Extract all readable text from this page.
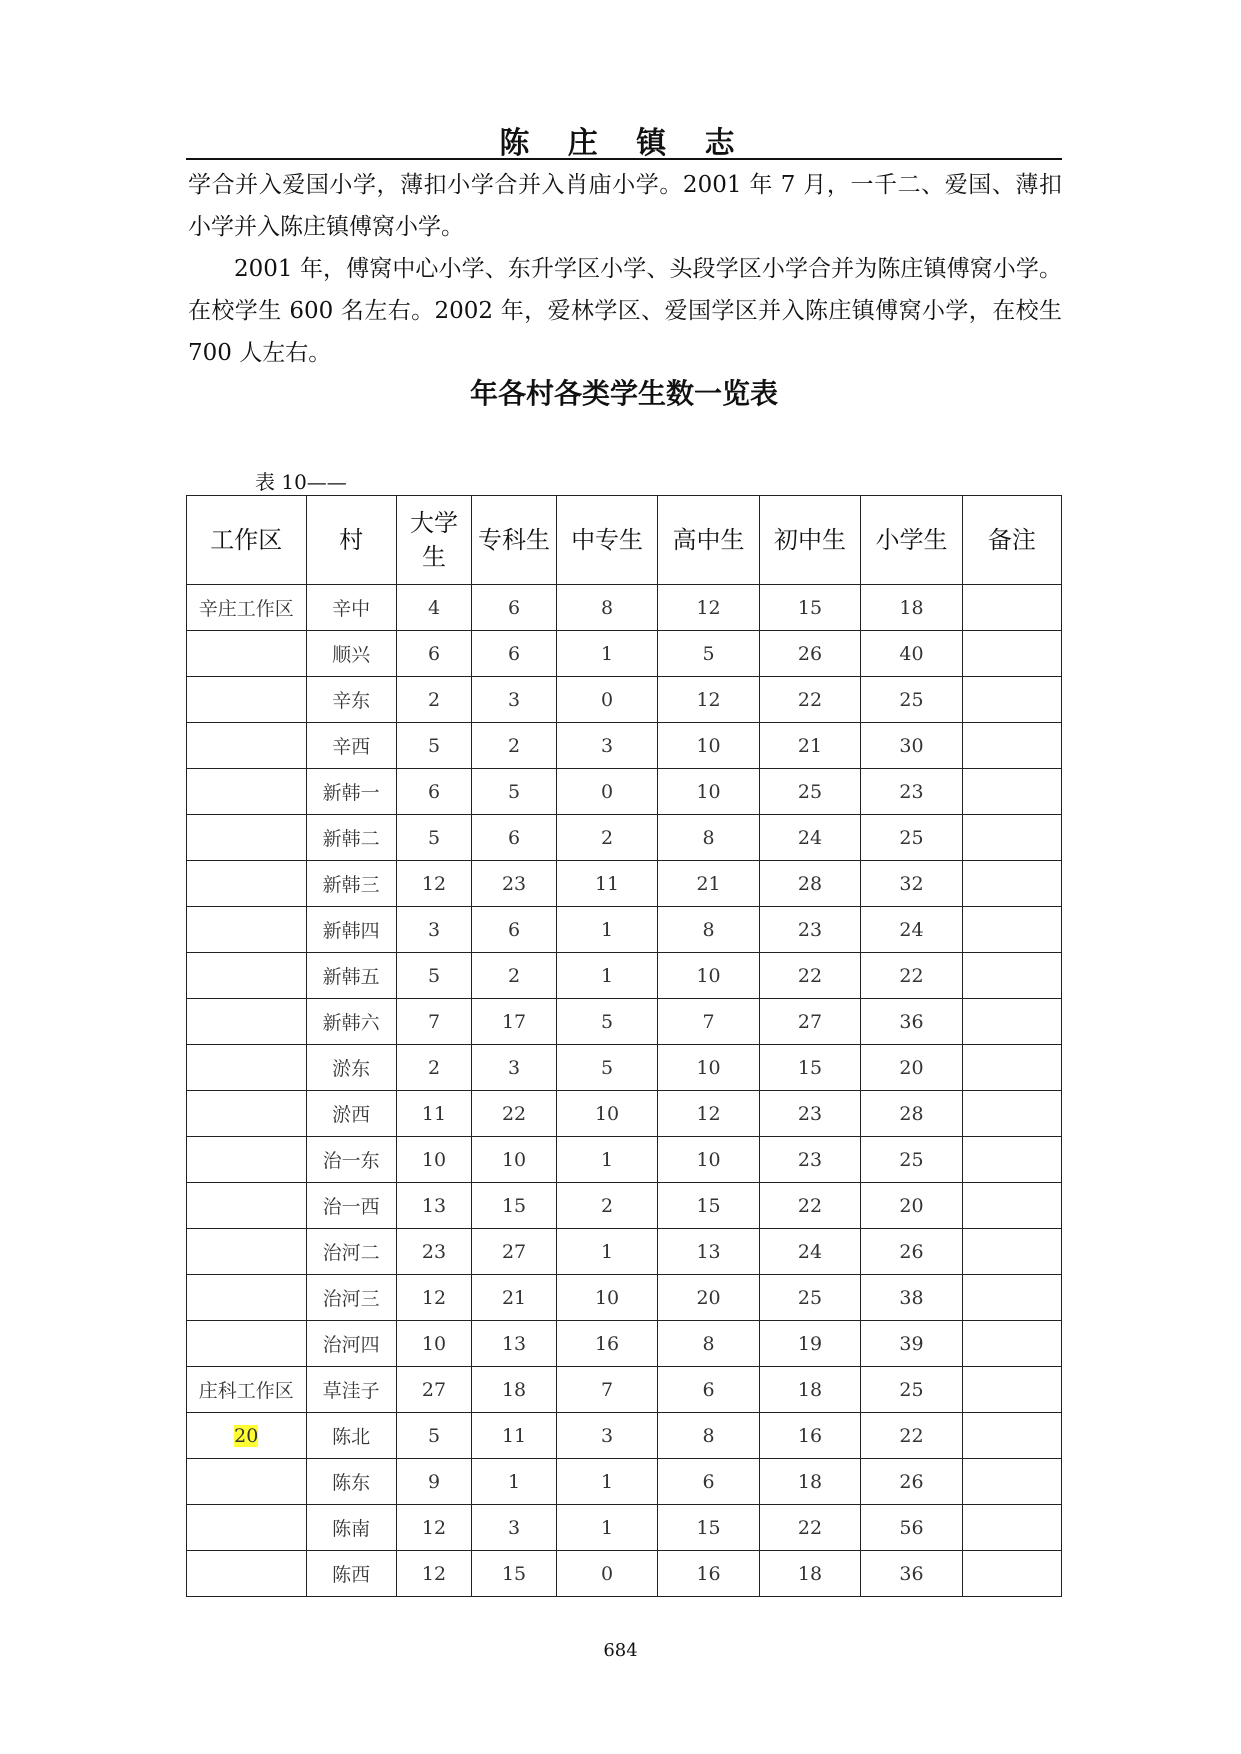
陈 庄 镇 志

学合并入爱国小学，薄扣小学合并入肖庙小学。2001 年 7 月，一千二、爱国、薄扣小学并入陈庄镇傅窝小学。

2001 年，傅窝中心小学、东升学区小学、头段学区小学合并为陈庄镇傅窝小学。在校学生 600 名左右。2002 年，爱林学区、爱国学区并入陈庄镇傅窝小学，在校生 700 人左右。

年各村各类学生数一览表
表 10——
工作区	村	大学生	专科生	中专生	高中生	初中生	小学生	备注
辛庄工作区	辛中	4	6	8	12	15	18	
	顺兴	6	6	1	5	26	40	
	辛东	2	3	0	12	22	25	
	辛西	5	2	3	10	21	30	
	新韩一	6	5	0	10	25	23	
	新韩二	5	6	2	8	24	25	
	新韩三	12	23	11	21	28	32	
	新韩四	3	6	1	8	23	24	
	新韩五	5	2	1	10	22	22	
	新韩六	7	17	5	7	27	36	
	淤东	2	3	5	10	15	20	
	淤西	11	22	10	12	23	28	
	治一东	10	10	1	10	23	25	
	治一西	13	15	2	15	22	20	
	治河二	23	27	1	13	24	26	
	治河三	12	21	10	20	25	38	
	治河四	10	13	16	8	19	39	
庄科工作区	草洼子	27	18	7	6	18	25	
20	陈北	5	11	3	8	16	22	
	陈东	9	1	1	6	18	26	
	陈南	12	3	1	15	22	56	
	陈西	12	15	0	16	18	36	
684
